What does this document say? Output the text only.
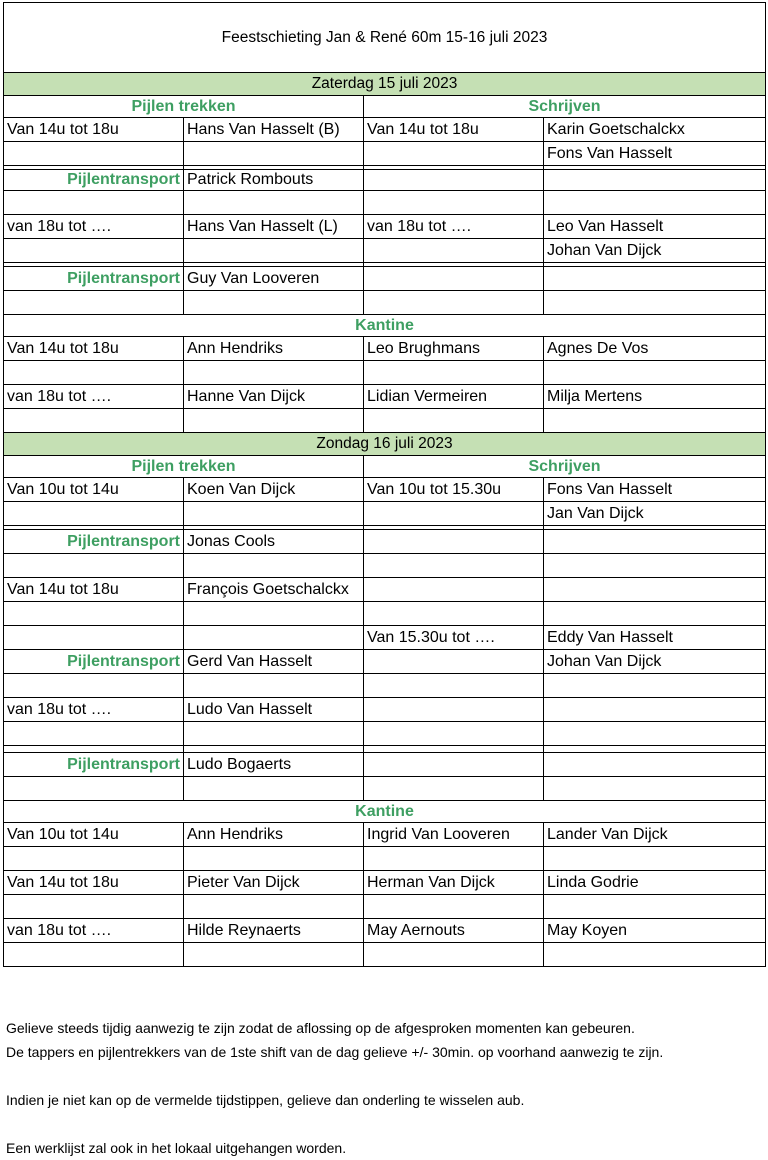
Feestschieting Jan & René 60m 15-16 juli 2023			
Zaterdag 15 juli 2023			
Pijlen trekken		Schrijven	
Van 14u tot 18u	Hans Van Hasselt (B)	Van 14u tot 18u	Karin Goetschalckx
			Fons Van Hasselt

Pijlentransport	Patrick Rombouts		

van 18u tot ….	Hans Van Hasselt (L)	van 18u tot ….	Leo Van Hasselt
			Johan Van Dijck

Pijlentransport	Guy Van Looveren		

Kantine			
Van 14u tot 18u	Ann Hendriks	Leo Brughmans	Agnes De Vos

van 18u tot ….	Hanne Van Dijck	Lidian Vermeiren	Milja Mertens

Zondag 16 juli 2023			
Pijlen trekken		Schrijven	
Van 10u tot 14u	Koen Van Dijck	Van 10u tot 15.30u	Fons Van Hasselt
			Jan Van Dijck

Pijlentransport	Jonas Cools		

Van 14u tot 18u	François Goetschalckx		

		Van 15.30u tot ….	Eddy Van Hasselt
Pijlentransport	Gerd Van Hasselt		Johan Van Dijck

van 18u tot ….	Ludo Van Hasselt		

Pijlentransport	Ludo Bogaerts		

Kantine			
Van 10u tot 14u	Ann Hendriks	Ingrid Van Looveren	Lander Van Dijck

Van 14u tot 18u	Pieter Van Dijck	Herman Van Dijck	Linda Godrie

van 18u tot ….	Hilde Reynaerts	May Aernouts	May Koyen

Gelieve steeds tijdig aanwezig te zijn zodat de aflossing op de afgesproken momenten kan gebeuren.

De tappers en pijlentrekkers van de 1ste shift van de dag gelieve +/- 30min. op voorhand aanwezig te zijn.

Indien je niet kan op de vermelde tijdstippen, gelieve dan onderling te wisselen aub.

Een werklijst zal ook in het lokaal uitgehangen worden.
